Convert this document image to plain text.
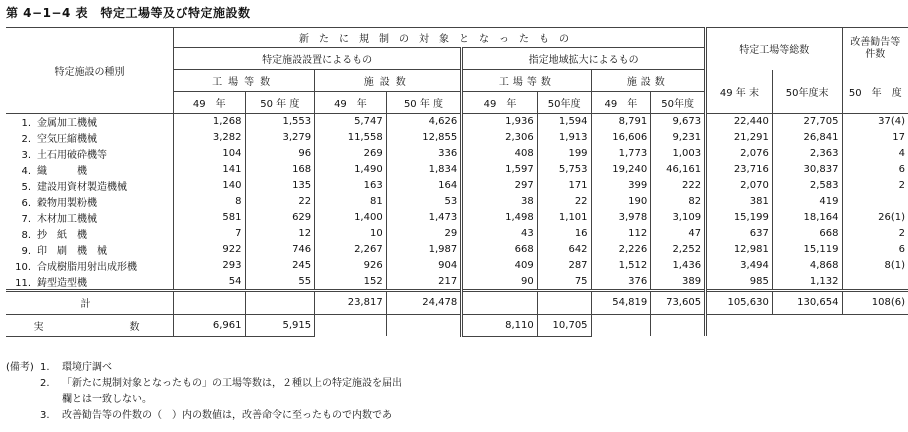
第 4−1−4 表　特定工場等及び特定施設数
特定施設の種別	新たに規制の対象となったもの								特定工場等総数		改善勧告等件数
	特定施設設置によるもの				指定地域拡大によるもの						
	工場等数		施設数		工場等数		施設数		49 年 末	50年度末	50　年　度
	49　年	50 年 度	49　年	50 年 度	49　年	50年度	49　年	50年度			
1. 金属加工機械	1,268	1,553	5,747	4,626	1,936	1,594	8,791	9,673	22,440	27,705	37(4)
2. 空気圧縮機械	3,282	3,279	11,558	12,855	2,306	1,913	16,606	9,231	21,291	26,841	17
3. 土石用破砕機等	104	96	269	336	408	199	1,773	1,003	2,076	2,363	4
4. 織　　　機	141	168	1,490	1,834	1,597	5,753	19,240	46,161	23,716	30,837	6
5. 建設用資材製造機械	140	135	163	164	297	171	399	222	2,070	2,583	2
6. 穀物用製粉機	8	22	81	53	38	22	190	82	381	419	
7. 木材加工機械	581	629	1,400	1,473	1,498	1,101	3,978	3,109	15,199	18,164	26(1)
8. 抄　紙　機	7	12	10	29	43	16	112	47	637	668	2
9. 印　刷　機　械	922	746	2,267	1,987	668	642	2,226	2,252	12,981	15,119	6
10. 合成樹脂用射出成形機	293	245	926	904	409	287	1,512	1,436	3,494	4,868	8(1)
11. 鋳型造型機	54	55	152	217	90	75	376	389	985	1,132	
計			23,817	24,478			54,819	73,605	105,630	130,654	108(6)
実　　　　　数	6,961	5,915			8,110	10,705					
(備考) 1. 環境庁調べ
2. 「新たに規制対象となったもの」の工場等数は，２種以上の特定施設を届出
欄とは一致しない。
3. 改善勧告等の件数の（　）内の数値は，改善命令に至ったもので内数であ
